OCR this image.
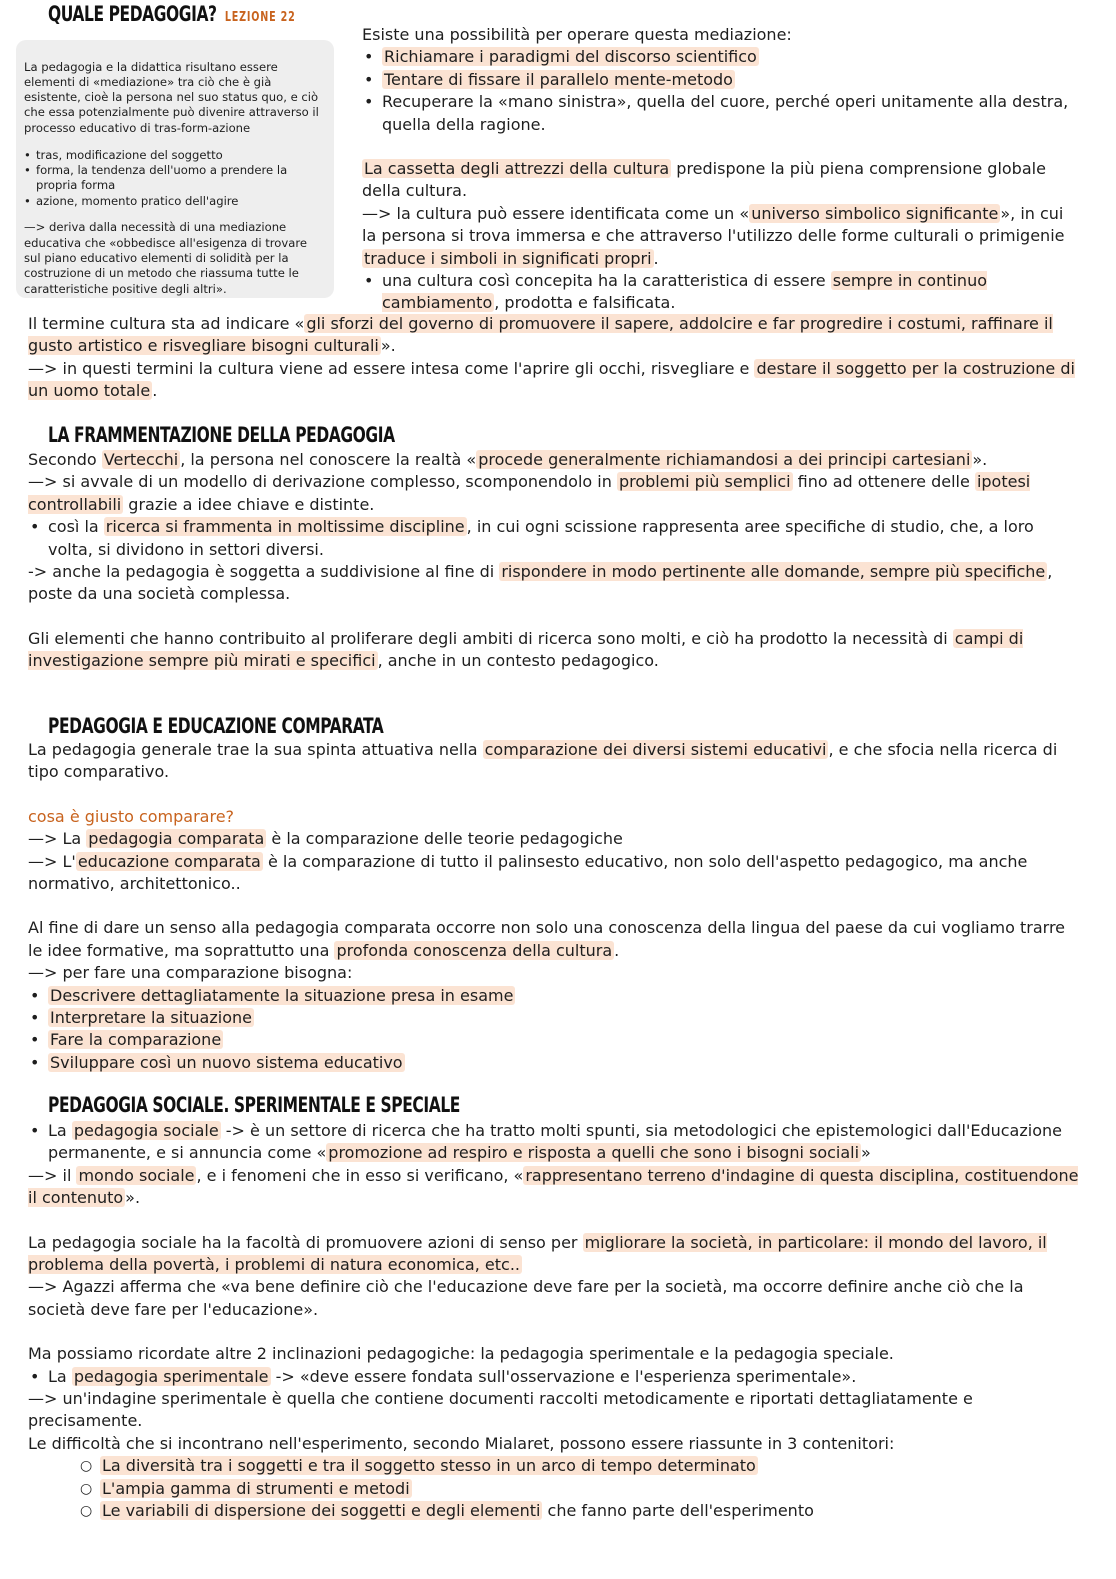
QUALE PEDAGOGIA? LEZIONE 22

La pedagogia e la didattica risultano essere elementi di «mediazione» tra ciò che è già esistente, cioè la persona nel suo status quo, e ciò che essa potenzialmente può divenire attraverso il processo educativo di tras-form-azione

• tras, modificazione del soggetto
• forma, la tendenza dell'uomo a prendere la propria forma
• azione, momento pratico dell'agire

—> deriva dalla necessità di una mediazione educativa che «obbedisce all'esigenza di trovare sul piano educativo elementi di solidità per la costruzione di un metodo che riassuma tutte le caratteristiche positive degli altri».

Esiste una possibilità per operare questa mediazione:

• Richiamare i paradigmi del discorso scientifico
• Tentare di fissare il parallelo mente-metodo
• Recuperare la «mano sinistra», quella del cuore, perché operi unitamente alla destra, quella della ragione.

La cassetta degli attrezzi della cultura predispone la più piena comprensione globale della cultura.

—> la cultura può essere identificata come un « universo simbolico significante », in cui la persona si trova immersa e che attraverso l'utilizzo delle forme culturali o primigenie traduce i simboli in significati propri .

• una cultura così concepita ha la caratteristica di essere sempre in continuo cambiamento , prodotta e falsificata.

Il termine cultura sta ad indicare « gli sforzi del governo di promuovere il sapere, addolcire e far progredire i costumi, raffinare il gusto artistico e risvegliare bisogni culturali ».

—> in questi termini la cultura viene ad essere intesa come l'aprire gli occhi, risvegliare e destare il soggetto per la costruzione di un uomo totale .

LA FRAMMENTAZIONE DELLA PEDAGOGIA

Secondo Vertecchi , la persona nel conoscere la realtà « procede generalmente richiamandosi a dei principi cartesiani ».

—> si avvale di un modello di derivazione complesso, scomponendolo in problemi più semplici fino ad ottenere delle ipotesi controllabili grazie a idee chiave e distinte.

• così la ricerca si frammenta in moltissime discipline , in cui ogni scissione rappresenta aree specifiche di studio, che, a loro volta, si dividono in settori diversi.

-> anche la pedagogia è soggetta a suddivisione al fine di rispondere in modo pertinente alle domande, sempre più specifiche , poste da una società complessa.

Gli elementi che hanno contribuito al proliferare degli ambiti di ricerca sono molti, e ciò ha prodotto la necessità di campi di investigazione sempre più mirati e specifici , anche in un contesto pedagogico.

PEDAGOGIA E EDUCAZIONE COMPARATA

La pedagogia generale trae la sua spinta attuativa nella comparazione dei diversi sistemi educativi , e che sfocia nella ricerca di tipo comparativo.

cosa è giusto comparare?

—> La pedagogia comparata è la comparazione delle teorie pedagogiche

—> L' educazione comparata è la comparazione di tutto il palinsesto educativo, non solo dell'aspetto pedagogico, ma anche normativo, architettonico..

Al fine di dare un senso alla pedagogia comparata occorre non solo una conoscenza della lingua del paese da cui vogliamo trarre le idee formative, ma soprattutto una profonda conoscenza della cultura .

—> per fare una comparazione bisogna:

• Descrivere dettagliatamente la situazione presa in esame
• Interpretare la situazione
• Fare la comparazione
• Sviluppare così un nuovo sistema educativo
PEDAGOGIA SOCIALE. SPERIMENTALE E SPECIALE
• La pedagogia sociale -> è un settore di ricerca che ha tratto molti spunti, sia metodologici che epistemologici dall'Educazione permanente, e si annuncia come « promozione ad respiro e risposta a quelli che sono i bisogni sociali »

—> il mondo sociale , e i fenomeni che in esso si verificano, « rappresentano terreno d'indagine di questa disciplina, costituendone il contenuto ».

La pedagogia sociale ha la facoltà di promuovere azioni di senso per migliorare la società, in particolare: il mondo del lavoro, il problema della povertà, i problemi di natura economica, etc..

—> Agazzi afferma che «va bene definire ciò che l'educazione deve fare per la società, ma occorre definire anche ciò che la società deve fare per l'educazione».

Ma possiamo ricordate altre 2 inclinazioni pedagogiche: la pedagogia sperimentale e la pedagogia speciale.

• La pedagogia sperimentale -> «deve essere fondata sull'osservazione e l'esperienza sperimentale».

—> un'indagine sperimentale è quella che contiene documenti raccolti metodicamente e riportati dettagliatamente e precisamente.

Le difficoltà che si incontrano nell'esperimento, secondo Mialaret, possono essere riassunte in 3 contenitori:

○ La diversità tra i soggetti e tra il soggetto stesso in un arco di tempo determinato
○ L'ampia gamma di strumenti e metodi
○ Le variabili di dispersione dei soggetti e degli elementi che fanno parte dell'esperimento
